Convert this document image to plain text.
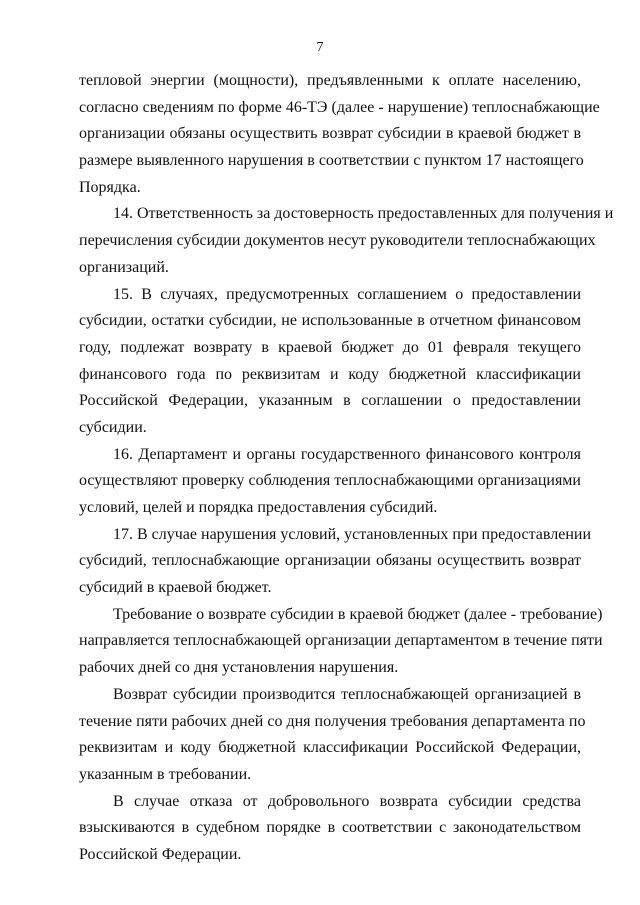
7
тепловой энергии (мощности), предъявленными к оплате населению,
согласно сведениям по форме 46-ТЭ (далее - нарушение) теплоснабжающие
организации обязаны осуществить возврат субсидии в краевой бюджет в
размере выявленного нарушения в соответствии с пунктом 17 настоящего
Порядка.
14. Ответственность за достоверность предоставленных для получения и
перечисления субсидии документов несут руководители теплоснабжающих
организаций.
15. В случаях, предусмотренных соглашением о предоставлении
субсидии, остатки субсидии, не использованные в отчетном финансовом
году, подлежат возврату в краевой бюджет до 01 февраля текущего
финансового года по реквизитам и коду бюджетной классификации
Российской Федерации, указанным в соглашении о предоставлении
субсидии.
16. Департамент и органы государственного финансового контроля
осуществляют проверку соблюдения теплоснабжающими организациями
условий, целей и порядка предоставления субсидий.
17. В случае нарушения условий, установленных при предоставлении
субсидий, теплоснабжающие организации обязаны осуществить возврат
субсидий в краевой бюджет.
Требование о возврате субсидии в краевой бюджет (далее - требование)
направляется теплоснабжающей организации департаментом в течение пяти
рабочих дней со дня установления нарушения.
Возврат субсидии производится теплоснабжающей организацией в
течение пяти рабочих дней со дня получения требования департамента по
реквизитам и коду бюджетной классификации Российской Федерации,
указанным в требовании.
В случае отказа от добровольного возврата субсидии средства
взыскиваются в судебном порядке в соответствии с законодательством
Российской Федерации.
